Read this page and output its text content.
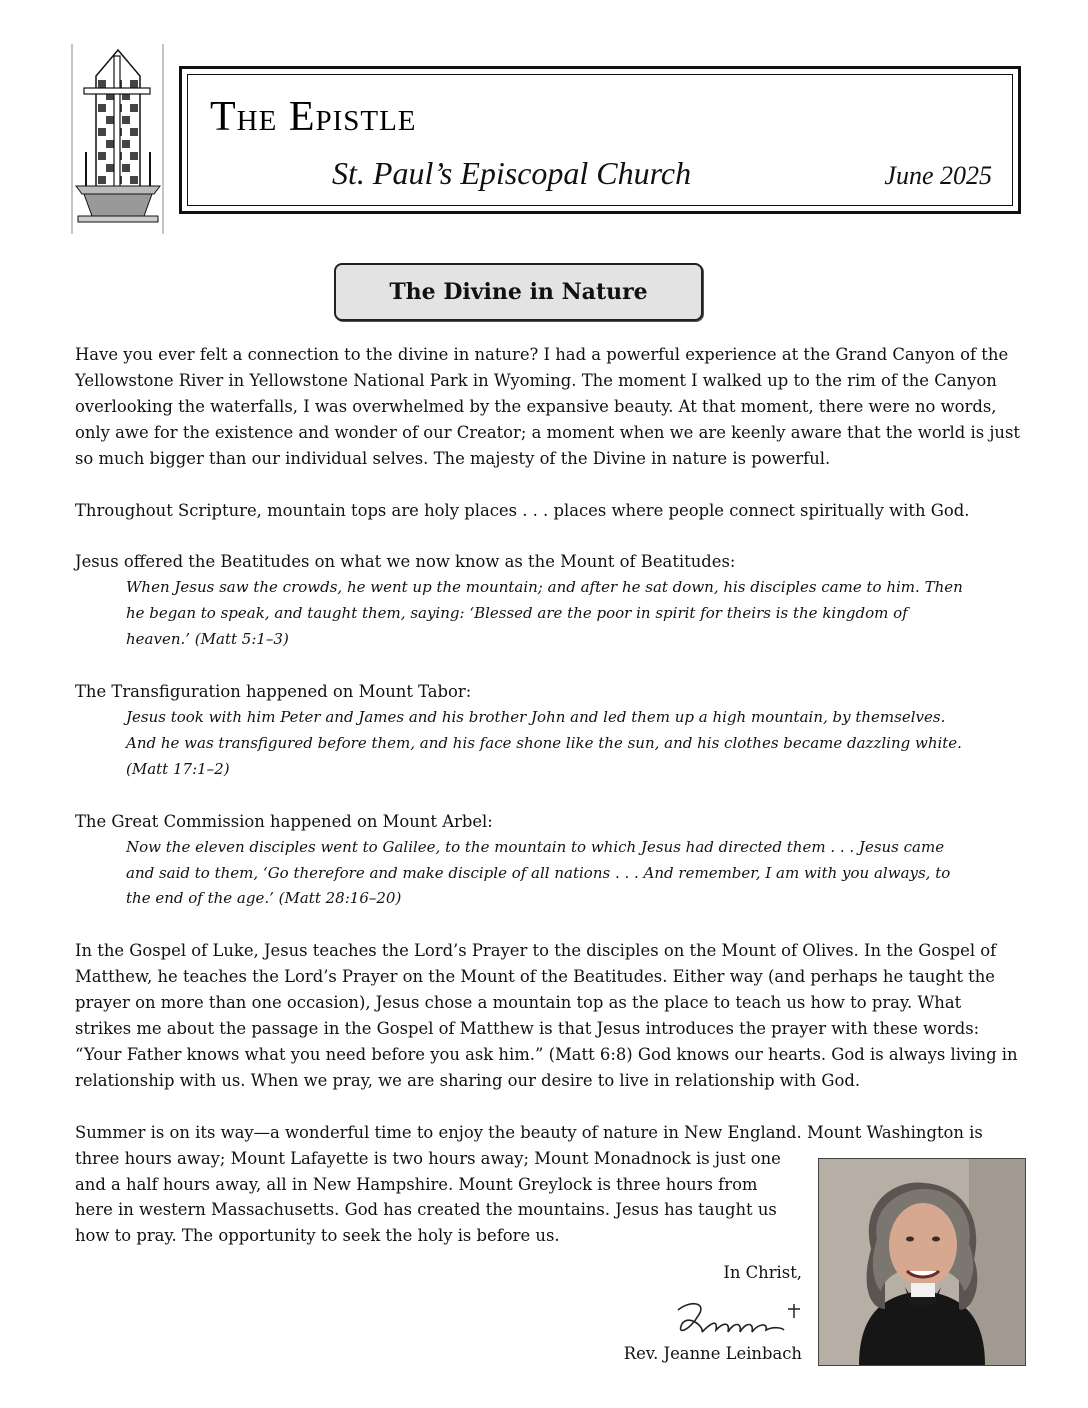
The Epistle
St. Paul’s Episcopal Church	June 2025
The Divine in Nature

Have you ever felt a connection to the divine in nature? I had a powerful experience at the Grand Canyon of the Yellowstone River in Yellowstone National Park in Wyoming. The moment I walked up to the rim of the Canyon overlooking the waterfalls, I was overwhelmed by the expansive beauty. At that moment, there were no words, only awe for the existence and wonder of our Creator; a moment when we are keenly aware that the world is just so much bigger than our individual selves. The majesty of the Divine in nature is powerful.

Throughout Scripture, mountain tops are holy places . . . places where people connect spiritually with God.

Jesus offered the Beatitudes on what we now know as the Mount of Beatitudes:

When Jesus saw the crowds, he went up the mountain; and after he sat down, his disciples came to him. Then he began to speak, and taught them, saying: ‘Blessed are the poor in spirit for theirs is the kingdom of heaven.’ (Matt 5:1–3)

The Transfiguration happened on Mount Tabor:

Jesus took with him Peter and James and his brother John and led them up a high mountain, by themselves. And he was transfigured before them, and his face shone like the sun, and his clothes became dazzling white. (Matt 17:1–2)

The Great Commission happened on Mount Arbel:

Now the eleven disciples went to Galilee, to the mountain to which Jesus had directed them . . . Jesus came and said to them, ‘Go therefore and make disciple of all nations . . . And remember, I am with you always, to the end of the age.’ (Matt 28:16–20)

In the Gospel of Luke, Jesus teaches the Lord’s Prayer to the disciples on the Mount of Olives. In the Gospel of Matthew, he teaches the Lord’s Prayer on the Mount of the Beatitudes. Either way (and perhaps he taught the prayer on more than one occasion), Jesus chose a mountain top as the place to teach us how to pray. What strikes me about the passage in the Gospel of Matthew is that Jesus introduces the prayer with these words: “Your Father knows what you need before you ask him.” (Matt 6:8) God knows our hearts. God is always living in relationship with us. When we pray, we are sharing our desire to live in relationship with God.

Summer is on its way—a wonderful time to enjoy the beauty of nature in New England. Mount Washington is

three hours away; Mount Lafayette is two hours away; Mount Monadnock is just one and a half hours away, all in New Hampshire. Mount Greylock is three hours from here in western Massachusetts. God has created the mountains. Jesus has taught us how to pray. The opportunity to seek the holy is before us.

In Christ,
Rev. Jeanne Leinbach
